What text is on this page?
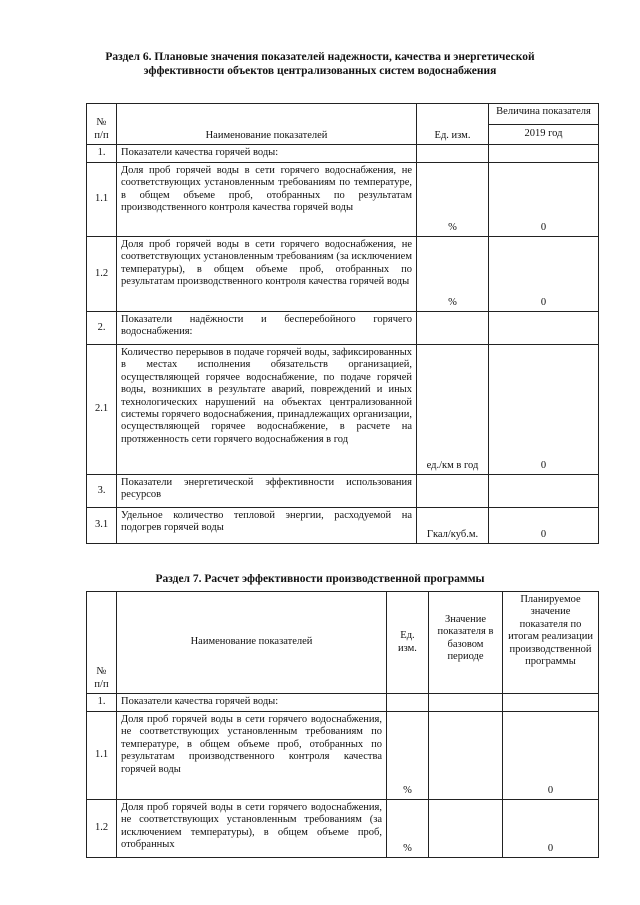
Раздел 6. Плановые значения показателей надежности, качества и энергетической
эффективности объектов централизованных систем водоснабжения
№
п/п	Наименование показателей	Ед. изм.	Величина показателя
			2019 год
1.	Показатели качества горячей воды:		
1.1	Доля проб горячей воды в сети горячего водоснабжения, не соответствующих установленным требованиям по температуре, в общем объеме проб, отобранных по результатам производственного контроля качества горячей воды	%	0
1.2	Доля проб горячей воды в сети горячего водоснабжения, не соответствующих установленным требованиям (за исключением температуры), в общем объеме проб, отобранных по результатам производственного контроля качества горячей воды	%	0
2.	Показатели надёжности и бесперебойного горячего водоснабжения:		
2.1	Количество перерывов в подаче горячей воды, зафиксированных в местах исполнения обязательств организацией, осуществляющей горячее водоснабжение, по подаче горячей воды, возникших в результате аварий, повреждений и иных технологических нарушений на объектах централизованной системы горячего водоснабжения, принадлежащих организации, осуществляющей горячее водоснабжение, в расчете на протяженность сети горячего водоснабжения в год	ед./км в год	0
3.	Показатели энергетической эффективности использования ресурсов		
3.1	Удельное количество тепловой энергии, расходуемой на подогрев горячей воды	Гкал/куб.м.	0
Раздел 7. Расчет эффективности производственной программы
№
п/п	Наименование показателей	Ед. изм.	Значение показателя в базовом периоде	Планируемое значение показателя по итогам реализации производственной программы
1.	Показатели качества горячей воды:			
1.1	Доля проб горячей воды в сети горячего водоснабжения, не соответствующих установленным требованиям по температуре, в общем объеме проб, отобранных по результатам производственного контроля качества горячей воды	%		0
1.2	Доля проб горячей воды в сети горячего водоснабжения, не соответствующих установленным требованиям (за исключением температуры), в общем объеме проб, отобранных	%		0
